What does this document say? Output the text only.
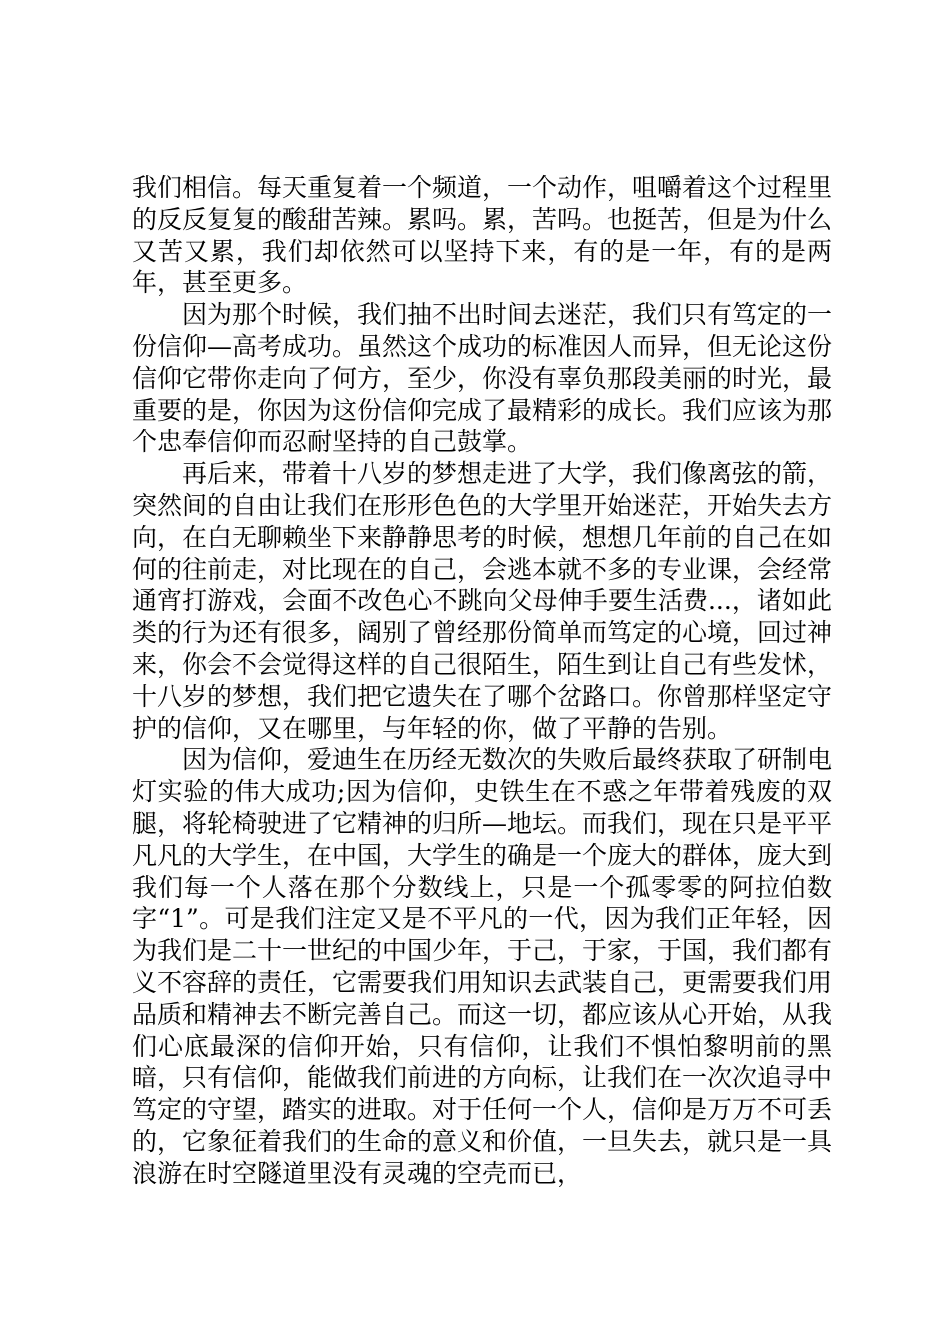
我们相信。每天重复着一个频道，一个动作，咀嚼着这个过程里的反反复复的酸甜苦辣。累吗。累，苦吗。也挺苦，但是为什么又苦又累，我们却依然可以坚持下来，有的是一年，有的是两年，甚至更多。

因为那个时候，我们抽不出时间去迷茫，我们只有笃定的一份信仰—高考成功。虽然这个成功的标准因人而异，但无论这份信仰它带你走向了何方，至少，你没有辜负那段美丽的时光，最重要的是，你因为这份信仰完成了最精彩的成长。我们应该为那个忠奉信仰而忍耐坚持的自己鼓掌。

再后来，带着十八岁的梦想走进了大学，我们像离弦的箭，突然间的自由让我们在形形色色的大学里开始迷茫，开始失去方向，在白无聊赖坐下来静静思考的时候，想想几年前的自己在如何的往前走，对比现在的自己，会逃本就不多的专业课，会经常通宵打游戏，会面不改色心不跳向父母伸手要生活费...，诸如此类的行为还有很多，阔别了曾经那份简单而笃定的心境，回过神来，你会不会觉得这样的自己很陌生，陌生到让自己有些发怵，十八岁的梦想，我们把它遗失在了哪个岔路口。你曾那样坚定守护的信仰，又在哪里，与年轻的你，做了平静的告别。

因为信仰，爱迪生在历经无数次的失败后最终获取了研制电灯实验的伟大成功;因为信仰，史铁生在不惑之年带着残废的双腿，将轮椅驶进了它精神的归所—地坛。而我们，现在只是平平凡凡的大学生，在中国，大学生的确是一个庞大的群体，庞大到我们每一个人落在那个分数线上，只是一个孤零零的阿拉伯数字“1”。可是我们注定又是不平凡的一代，因为我们正年轻，因为我们是二十一世纪的中国少年，于己，于家，于国，我们都有义不容辞的责任，它需要我们用知识去武装自己，更需要我们用品质和精神去不断完善自己。而这一切，都应该从心开始，从我们心底最深的信仰开始，只有信仰，让我们不惧怕黎明前的黑暗，只有信仰，能做我们前进的方向标，让我们在一次次追寻中笃定的守望，踏实的进取。对于任何一个人，信仰是万万不可丢的，它象征着我们的生命的意义和价值，一旦失去，就只是一具浪游在时空隧道里没有灵魂的空壳而已，
